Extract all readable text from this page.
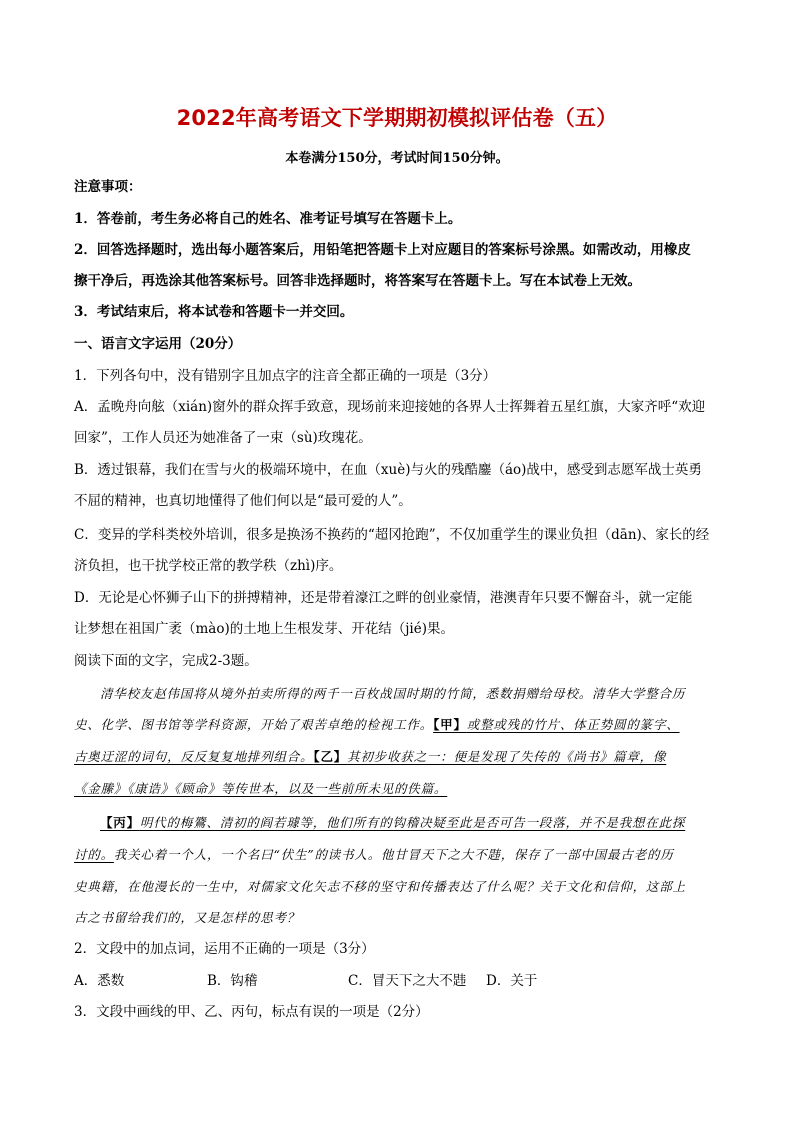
2022年高考语文下学期期初模拟评估卷（五）
本卷满分150分，考试时间150分钟。
注意事项：
1．答卷前，考生务必将自己的姓名、准考证号填写在答题卡上。
2．回答选择题时，选出每小题答案后，用铅笔把答题卡上对应题目的答案标号涂黑。如需改动，用橡皮
擦干净后，再选涂其他答案标号。回答非选择题时，将答案写在答题卡上。写在本试卷上无效。
3．考试结束后，将本试卷和答题卡一并交回。
一、语言文字运用（20分）
1．下列各句中，没有错别字且加点字的注音全都正确的一项是（3分）
A．孟晚舟向舷（xián)窗外的群众挥手致意，现场前来迎接她的各界人士挥舞着五星红旗，大家齐呼“欢迎
回家”，工作人员还为她准备了一束（sù)玫瑰花。
B．透过银幕，我们在雪与火的极端环境中，在血（xuè)与火的残酷鏖（áo)战中，感受到志愿军战士英勇
不屈的精神，也真切地懂得了他们何以是“最可爱的人”。
C．变异的学科类校外培训，很多是换汤不换药的“超冈抢跑”，不仅加重学生的课业负担（dān)、家长的经
济负担，也干扰学校正常的教学秩（zhì)序。
D．无论是心怀狮子山下的拼搏精神，还是带着濠江之畔的创业豪情，港澳青年只要不懈奋斗，就一定能
让梦想在祖国广袤（mào)的土地上生根发芽、开花结（jié)果。
阅读下面的文字，完成2-3题。
清华校友赵伟国将从境外拍卖所得的两千一百枚战国时期的竹简，悉数捐赠给母校。清华大学整合历
史、化学、图书馆等学科资源，开始了艰苦卓绝的检视工作。【甲】或整或残的竹片、体正势圆的篆字、
古奥迂涩的词句，反反复复地排列组合。【乙】其初步收获之一：便是发现了失传的《尚书》篇章，像
《金縢》《康诰》《顾命》等传世本，以及一些前所未见的佚篇。
【丙】明代的梅鷟、清初的阎若璩等，他们所有的钩稽决疑至此是否可告一段落，并不是我想在此探
讨的。我关心着一个人，一个名曰“伏生”的读书人。他甘冒天下之大不韪，保存了一部中国最古老的历
史典籍，在他漫长的一生中，对儒家文化矢志不移的坚守和传播表达了什么呢？关于文化和信仰，这部上
古之书留给我们的，又是怎样的思考？
2．文段中的加点词，运用不正确的一项是（3分）
A．悉数	B．钩稽	C．冒天下之大不韪 D．关于
3．文段中画线的甲、乙、丙句，标点有误的一项是（2分）
